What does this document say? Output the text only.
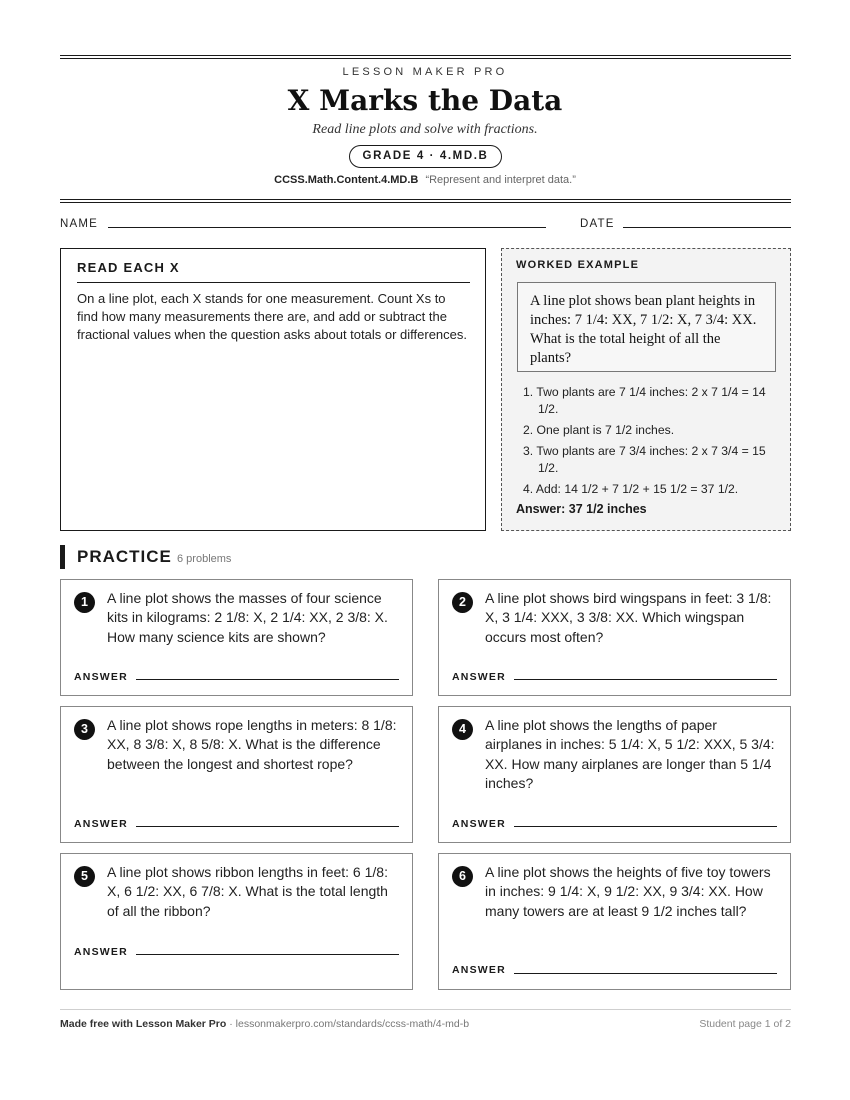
LESSON MAKER PRO
X Marks the Data
Read line plots and solve with fractions.
GRADE 4 · 4.MD.B
CCSS.Math.Content.4.MD.B “Represent and interpret data.”
NAME	DATE
READ EACH X
On a line plot, each X stands for one measurement. Count Xs to find how many measurements there are, and add or subtract the fractional values when the question asks about totals or differences.
WORKED EXAMPLE
A line plot shows bean plant heights in inches: 7 1/4: XX, 7 1/2: X, 7 3/4: XX. What is the total height of all the plants?
1. Two plants are 7 1/4 inches: 2 x 7 1/4 = 14 1/2.
2. One plant is 7 1/2 inches.
3. Two plants are 7 3/4 inches: 2 x 7 3/4 = 15 1/2.
4. Add: 14 1/2 + 7 1/2 + 15 1/2 = 37 1/2.
Answer: 37 1/2 inches
PRACTICE 6 problems
1	A line plot shows the masses of four science kits in kilograms: 2 1/8: X, 2 1/4: XX, 2 3/8: X. How many science kits are shown?
ANSWER
2	A line plot shows bird wingspans in feet: 3 1/8: X, 3 1/4: XXX, 3 3/8: XX. Which wingspan occurs most often?
ANSWER
3	A line plot shows rope lengths in meters: 8 1/8: XX, 8 3/8: X, 8 5/8: X. What is the difference between the longest and shortest rope?
ANSWER
4	A line plot shows the lengths of paper airplanes in inches: 5 1/4: X, 5 1/2: XXX, 5 3/4: XX. How many airplanes are longer than 5 1/4 inches?
ANSWER
5	A line plot shows ribbon lengths in feet: 6 1/8: X, 6 1/2: XX, 6 7/8: X. What is the total length of all the ribbon?
ANSWER
6	A line plot shows the heights of five toy towers in inches: 9 1/4: X, 9 1/2: XX, 9 3/4: XX. How many towers are at least 9 1/2 inches tall?
ANSWER
Made free with Lesson Maker Pro · lessonmakerpro.com/standards/ccss-math/4-md-b	Student page 1 of 2
